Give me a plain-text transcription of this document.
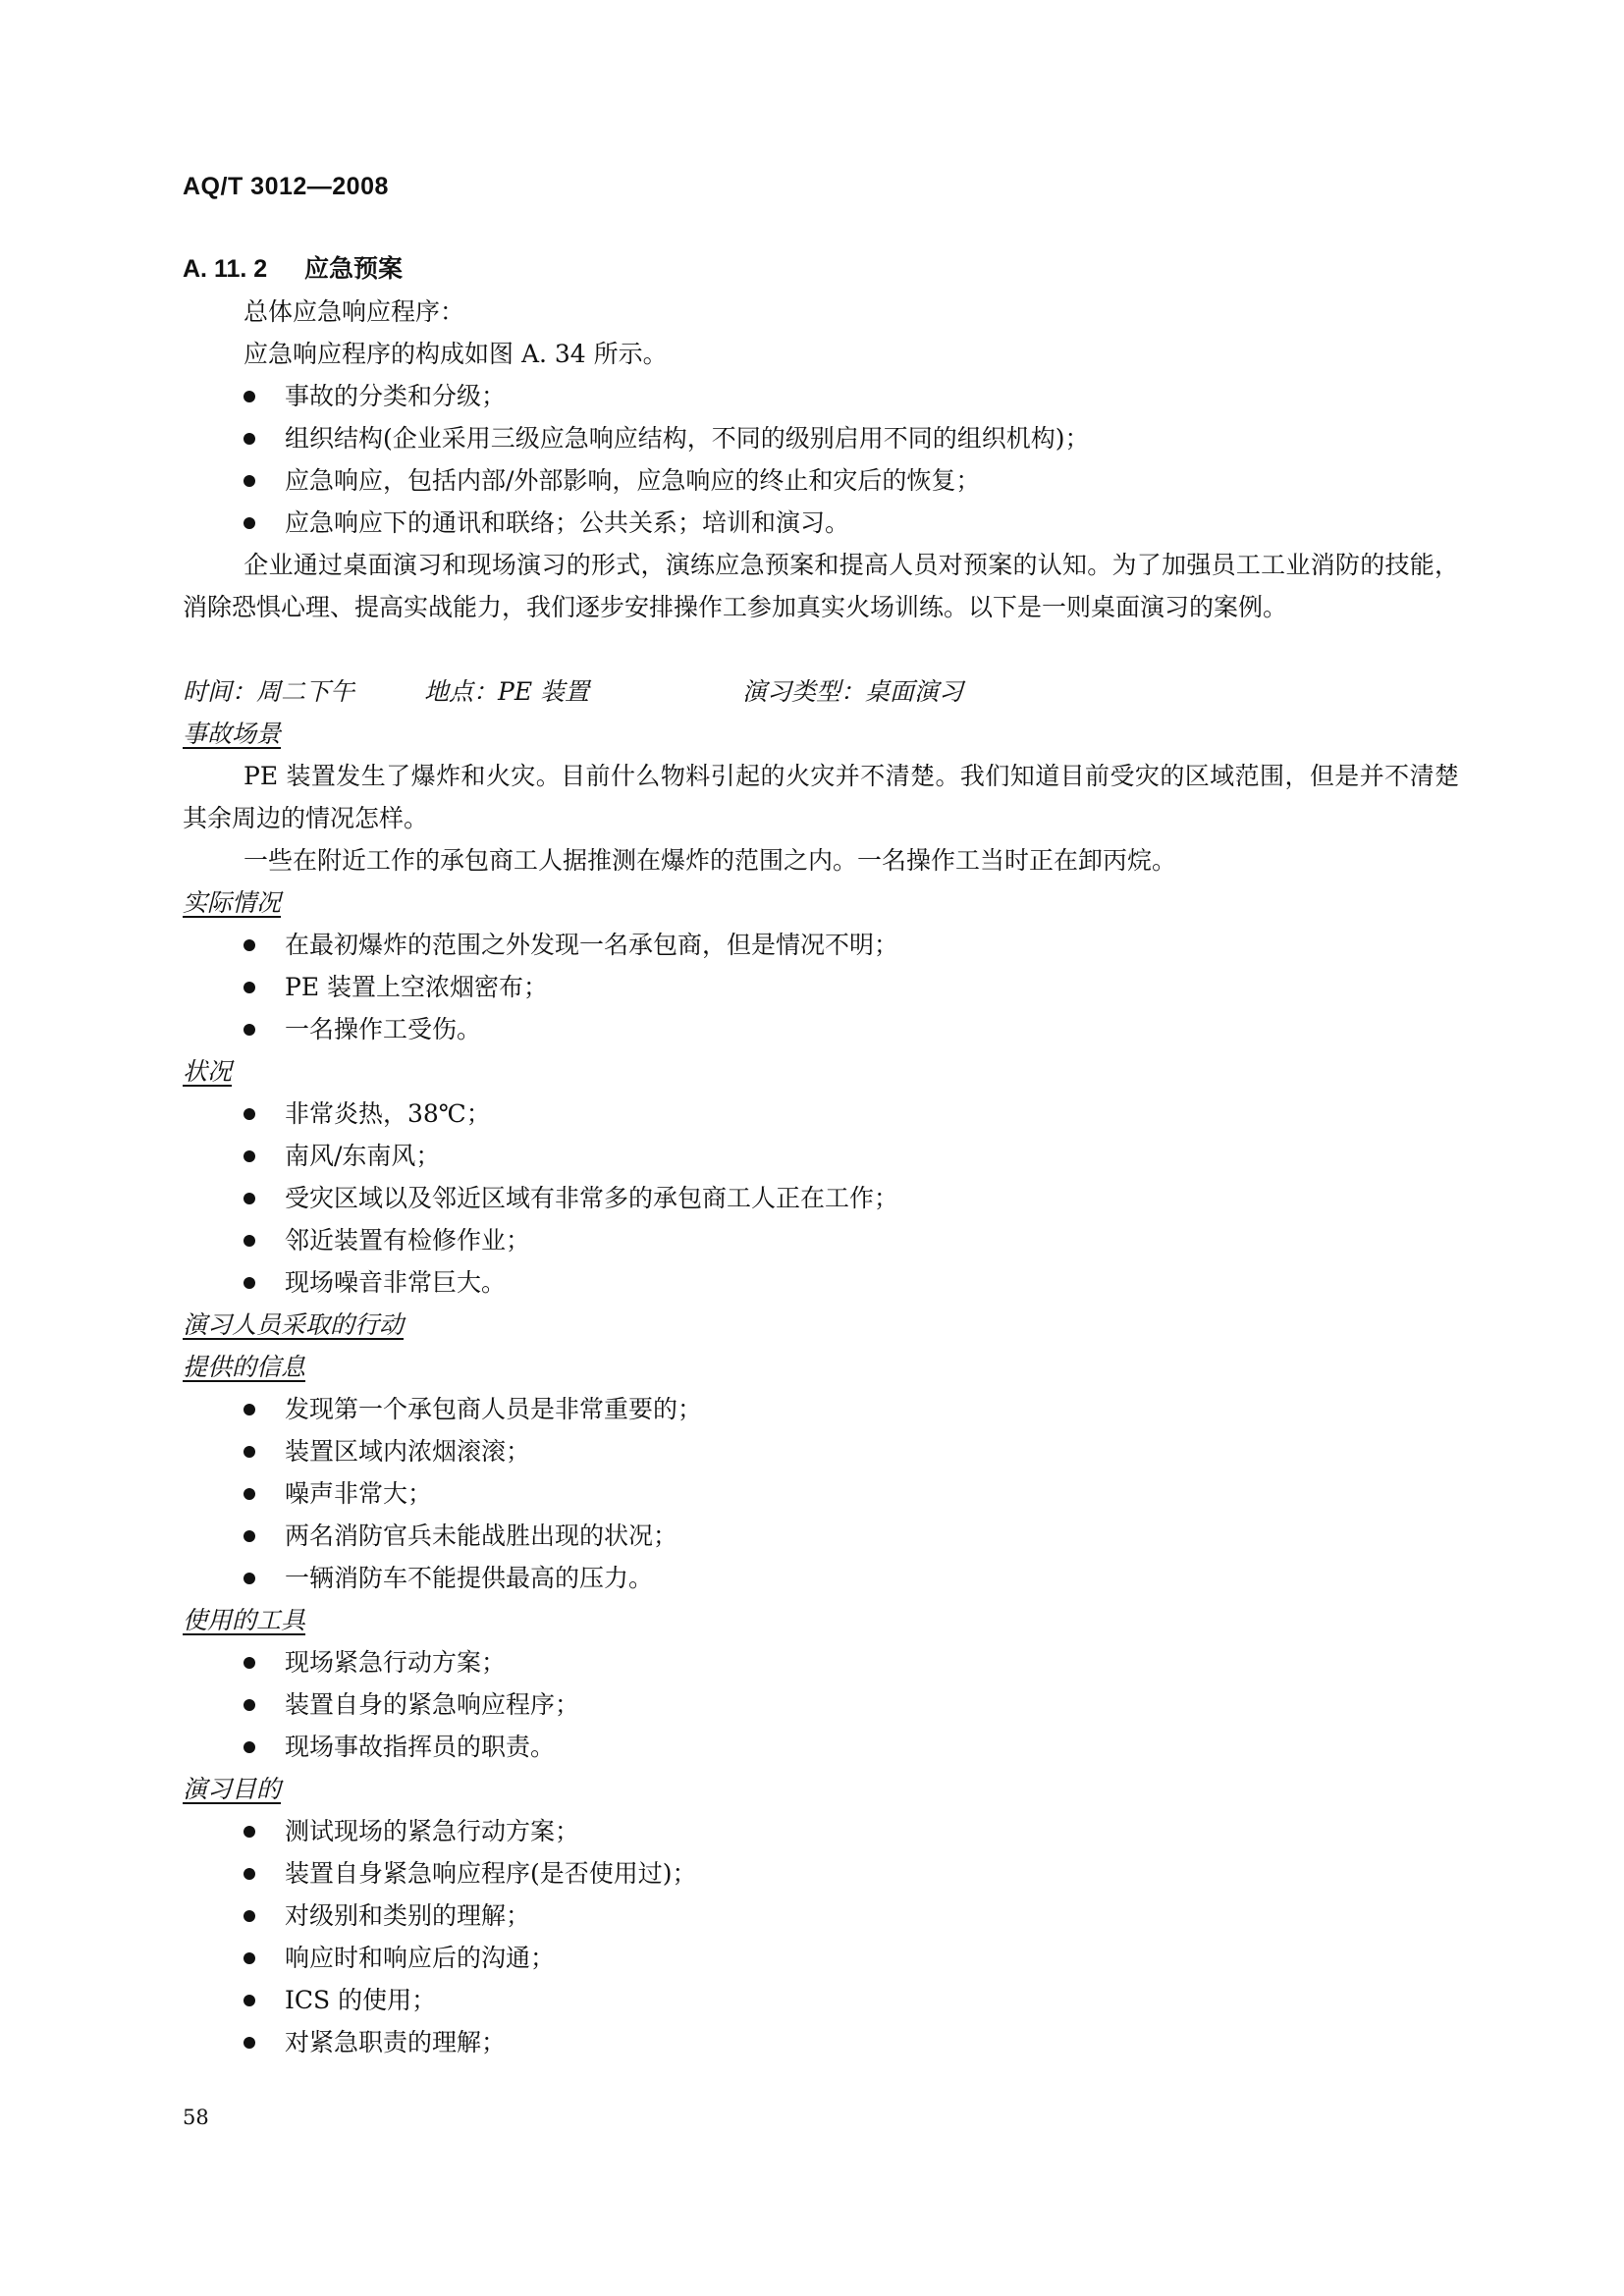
AQ/T 3012—2008

A. 11. 2 应急预案
总体应急响应程序：
应急响应程序的构成如图 A. 34 所示。
事故的分类和分级；
组织结构(企业采用三级应急响应结构，不同的级别启用不同的组织机构)；
应急响应，包括内部/外部影响，应急响应的终止和灾后的恢复；
应急响应下的通讯和联络；公共关系；培训和演习。
企业通过桌面演习和现场演习的形式，演练应急预案和提高人员对预案的认知。为了加强员工工业消防的技能，消除恐惧心理、提高实战能力，我们逐步安排操作工参加真实火场训练。以下是一则桌面演习的案例。
时间：周二下午	地点：PE 装置	演习类型：桌面演习
事故场景
PE 装置发生了爆炸和火灾。目前什么物料引起的火灾并不清楚。我们知道目前受灾的区域范围，但是并不清楚其余周边的情况怎样。
一些在附近工作的承包商工人据推测在爆炸的范围之内。一名操作工当时正在卸丙烷。
实际情况
在最初爆炸的范围之外发现一名承包商，但是情况不明；
PE 装置上空浓烟密布；
一名操作工受伤。
状况
非常炎热，38℃；
南风/东南风；
受灾区域以及邻近区域有非常多的承包商工人正在工作；
邻近装置有检修作业；
现场噪音非常巨大。
演习人员采取的行动
提供的信息
发现第一个承包商人员是非常重要的；
装置区域内浓烟滚滚；
噪声非常大；
两名消防官兵未能战胜出现的状况；
一辆消防车不能提供最高的压力。
使用的工具
现场紧急行动方案；
装置自身的紧急响应程序；
现场事故指挥员的职责。
演习目的
测试现场的紧急行动方案；
装置自身紧急响应程序(是否使用过)；
对级别和类别的理解；
响应时和响应后的沟通；
ICS 的使用；
对紧急职责的理解；

58
